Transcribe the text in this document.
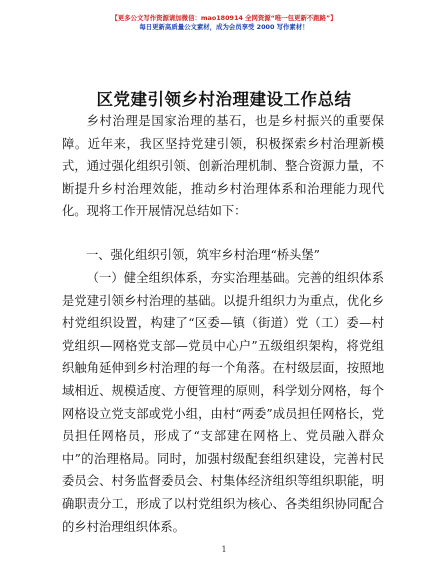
【更多公文写作资源请加微信：mao180914 全网资源“唯一包更新不跑路”】
每日更新高质量公文素材，成为会员享受 2000 写作素材！
区党建引领乡村治理建设工作总结

乡村治理是国家治理的基石，也是乡村振兴的重要保障。近年来，我区坚持党建引领，积极探索乡村治理新模式，通过强化组织引领、创新治理机制、整合资源力量，不断提升乡村治理效能，推动乡村治理体系和治理能力现代化。现将工作开展情况总结如下：

一、强化组织引领，筑牢乡村治理“桥头堡”

（一）健全组织体系，夯实治理基础。完善的组织体系是党建引领乡村治理的基础。以提升组织力为重点，优化乡村党组织设置，构建了“区委—镇（街道）党（工）委—村党组织—网格党支部—党员中心户”五级组织架构，将党组织触角延伸到乡村治理的每一个角落。在村级层面，按照地域相近、规模适度、方便管理的原则，科学划分网格，每个网格设立党支部或党小组，由村“两委”成员担任网格长，党员担任网格员，形成了“支部建在网格上、党员融入群众中”的治理格局。同时，加强村级配套组织建设，完善村民委员会、村务监督委员会、村集体经济组织等组织职能，明确职责分工，形成了以村党组织为核心、各类组织协同配合的乡村治理组织体系。

1
